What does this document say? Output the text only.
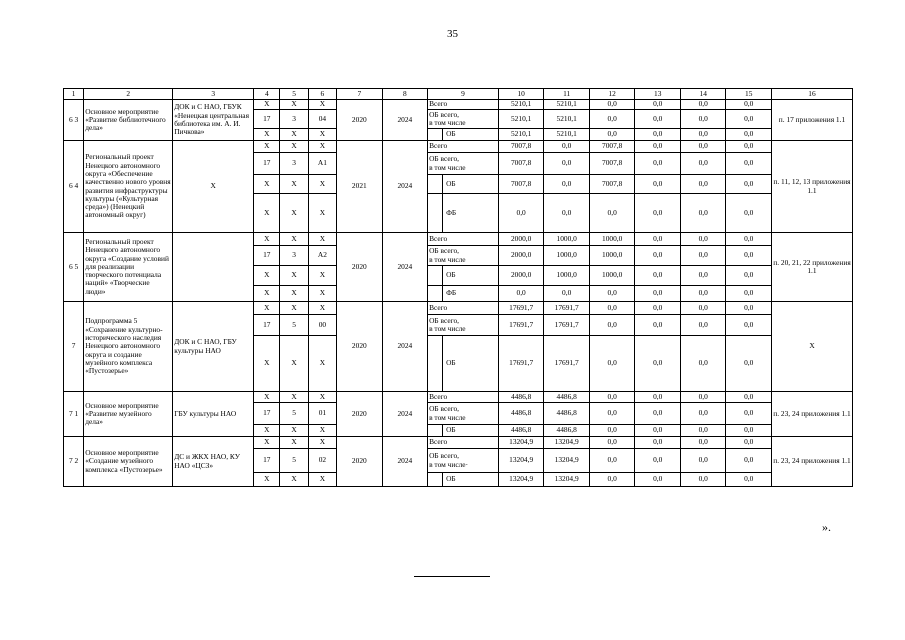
35
1	2	3	4	5	6	7	8	9	10	11	12	13	14	15	16
6 3	Основное мероприятие «Развитие библиотечного дела»	ДОК и С НАО, ГБУК «Ненецкая центральная библиотека им. А. И. Пичкова»	X	X	X	2020	2024	Всего	5210,1	5210,1	0,0	0,0	0,0	0,0	п. 17 приложения 1.1
			17	3	04			ОБ всего,
в том числе	5210,1	5210,1	0,0	0,0	0,0	0,0	
			X	X	X			ОБ	5210,1	5210,1	0,0	0,0	0,0	0,0	
6 4	Региональный проект Ненецкого автономного округа «Обеспечение качественно нового уровня развития инфраструктуры культуры («Культурная среда») (Ненецкий автономный округ)	X	X	X	X	2021	2024	Всего	7007,8	0,0	7007,8	0,0	0,0	0,0	п. 11, 12, 13 приложения 1.1
			17	3	А1			ОБ всего,
в том числе	7007,8	0,0	7007,8	0,0	0,0	0,0	
			X	X	X			ОБ	7007,8	0,0	7007,8	0,0	0,0	0,0	
			X	X	X			ФБ	0,0	0,0	0,0	0,0	0,0	0,0	
6 5	Региональный проект Ненецкого автономного округа «Создание условий для реализации творческого потенциала наций» «Творческие люди»		X	X	X	2020	2024	Всего	2000,0	1000,0	1000,0	0,0	0,0	0,0	п. 20, 21, 22 приложения 1.1
			17	3	А2			ОБ всего,
в том числе	2000,0	1000,0	1000,0	0,0	0,0	0,0	
			X	X	X			ОБ	2000,0	1000,0	1000,0	0,0	0,0	0,0	
			X	X	X			ФБ	0,0	0,0	0,0	0,0	0,0	0,0	
7	Подпрограмма 5 «Сохранение культурно-исторического наследия Ненецкого автономного округа и создание музейного комплекса «Пустозерье»	ДОК и С НАО, ГБУ культуры НАО	X	X	X	2020	2024	Всего	17691,7	17691,7	0,0	0,0	0,0	0,0	X
			17	5	00			ОБ всего,
в том числе	17691,7	17691,7	0,0	0,0	0,0	0,0	
			X	X	X			ОБ	17691,7	17691,7	0,0	0,0	0,0	0,0	
7 1	Основное мероприятие «Развитие музейного дела»	ГБУ культуры НАО	X	X	X	2020	2024	Всего	4486,8	4486,8	0,0	0,0	0,0	0,0	п. 23, 24 приложения 1.1
			17	5	01			ОБ всего,
в том числе	4486,8	4486,8	0,0	0,0	0,0	0,0	
			X	X	X			ОБ	4486,8	4486,8	0,0	0,0	0,0	0,0	
7 2	Основное мероприятие «Создание музейного комплекса «Пустозерье»	ДС и ЖКХ НАО, КУ НАО «ЦСЗ»	X	X	X	2020	2024	Всего	13204,9	13204,9	0,0	0,0	0,0	0,0	п. 23, 24 приложения 1.1
			17	5	02			ОБ всего,
в том числе·	13204,9	13204,9	0,0	0,0	0,0	0,0	
			X	X	X			ОБ	13204,9	13204,9	0,0	0,0	0,0	0,0	
».
